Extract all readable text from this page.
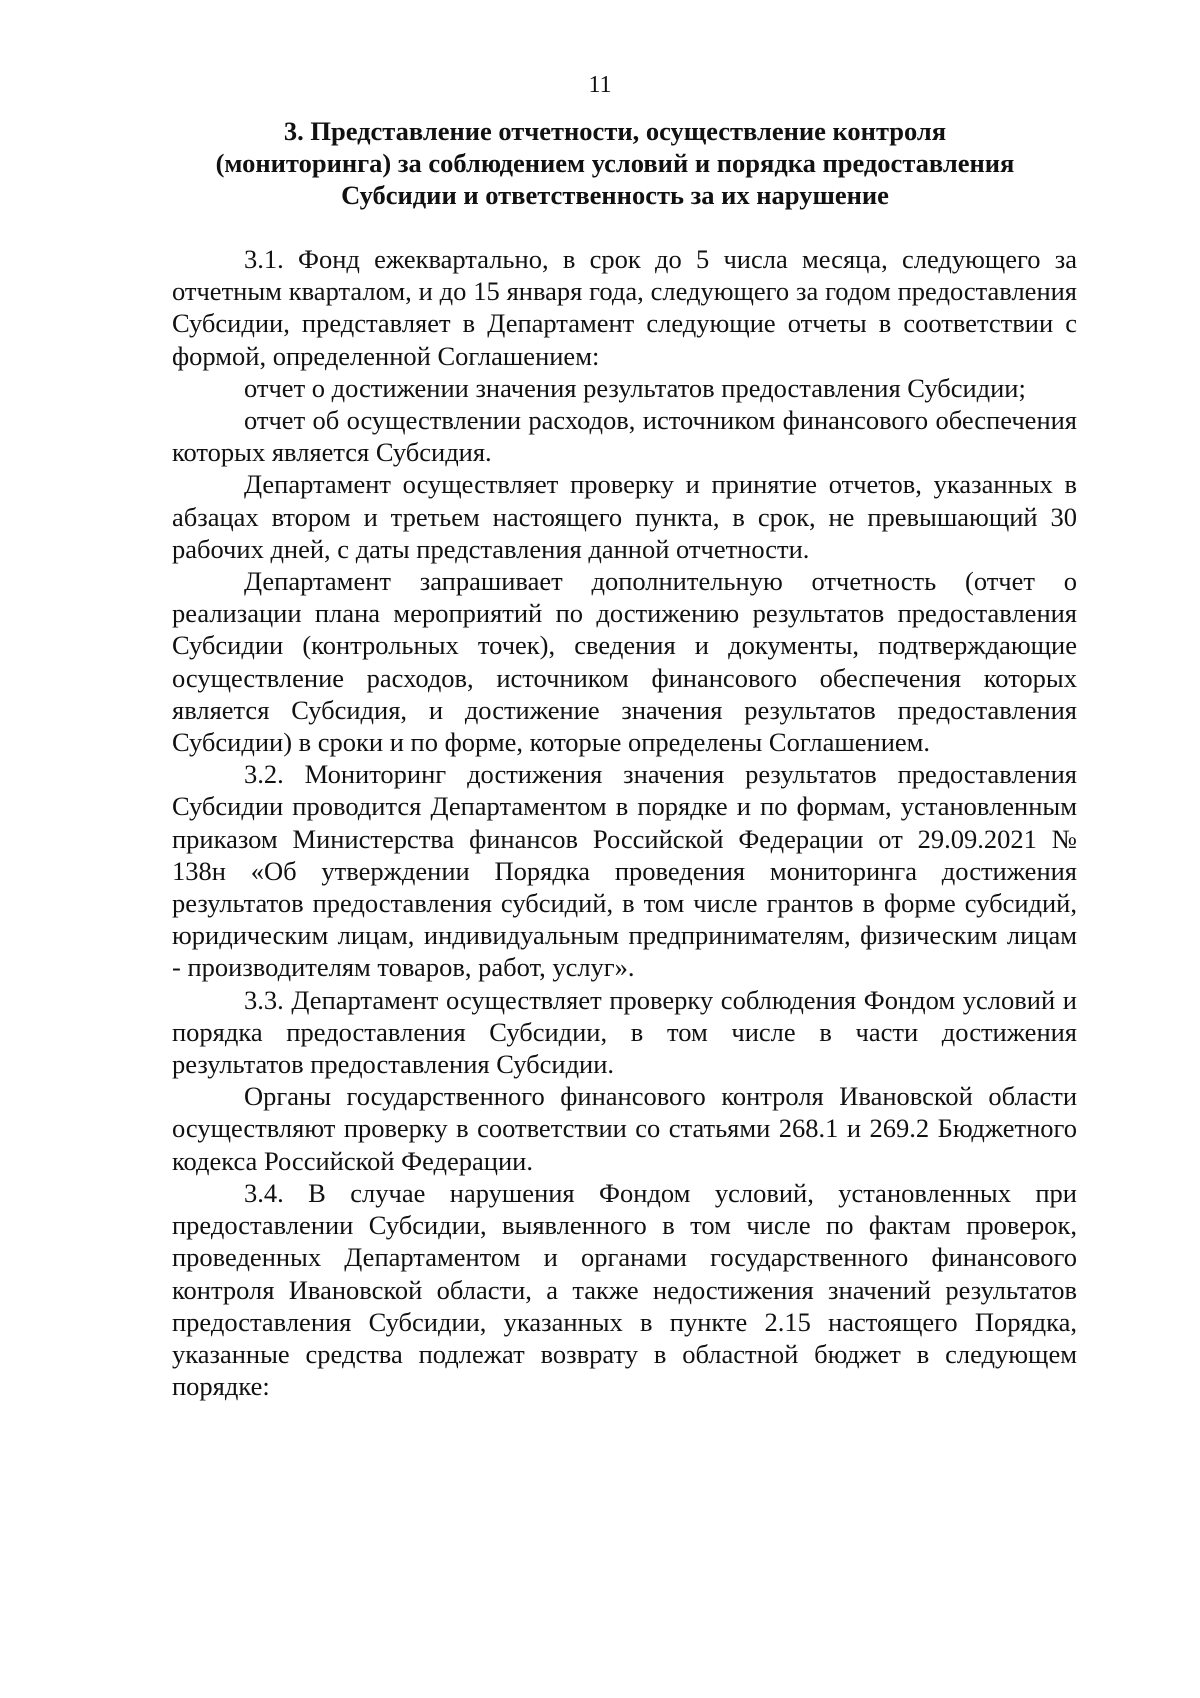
11
3. Представление отчетности, осуществление контроля
(мониторинга) за соблюдением условий и порядка предоставления
Субсидии и ответственность за их нарушение

3.1. Фонд ежеквартально, в срок до 5 числа месяца, следующего за отчетным кварталом, и до 15 января года, следующего за годом предоставления Субсидии, представляет в Департамент следующие отчеты в соответствии с формой, определенной Соглашением:

отчет о достижении значения результатов предоставления Субсидии;

отчет об осуществлении расходов, источником финансового обеспечения которых является Субсидия.

Департамент осуществляет проверку и принятие отчетов, указанных в абзацах втором и третьем настоящего пункта, в срок, не превышающий 30 рабочих дней, с даты представления данной отчетности.

Департамент запрашивает дополнительную отчетность (отчет о реализации плана мероприятий по достижению результатов предоставления Субсидии (контрольных точек), сведения и документы, подтверждающие осуществление расходов, источником финансового обеспечения которых является Субсидия, и достижение значения результатов предоставления Субсидии) в сроки и по форме, которые определены Соглашением.

3.2. Мониторинг достижения значения результатов предоставления Субсидии проводится Департаментом в порядке и по формам, установленным приказом Министерства финансов Российской Федерации от 29.09.2021 № 138н «Об утверждении Порядка проведения мониторинга достижения результатов предоставления субсидий, в том числе грантов в форме субсидий, юридическим лицам, индивидуальным предпринимателям, физическим лицам - производителям товаров, работ, услуг».

3.3. Департамент осуществляет проверку соблюдения Фондом условий и порядка предоставления Субсидии, в том числе в части достижения результатов предоставления Субсидии.

Органы государственного финансового контроля Ивановской области осуществляют проверку в соответствии со статьями 268.1 и 269.2 Бюджетного кодекса Российской Федерации.

3.4. В случае нарушения Фондом условий, установленных при предоставлении Субсидии, выявленного в том числе по фактам проверок, проведенных Департаментом и органами государственного финансового контроля Ивановской области, а также недостижения значений результатов предоставления Субсидии, указанных в пункте 2.15 настоящего Порядка, указанные средства подлежат возврату в областной бюджет в следующем порядке:
